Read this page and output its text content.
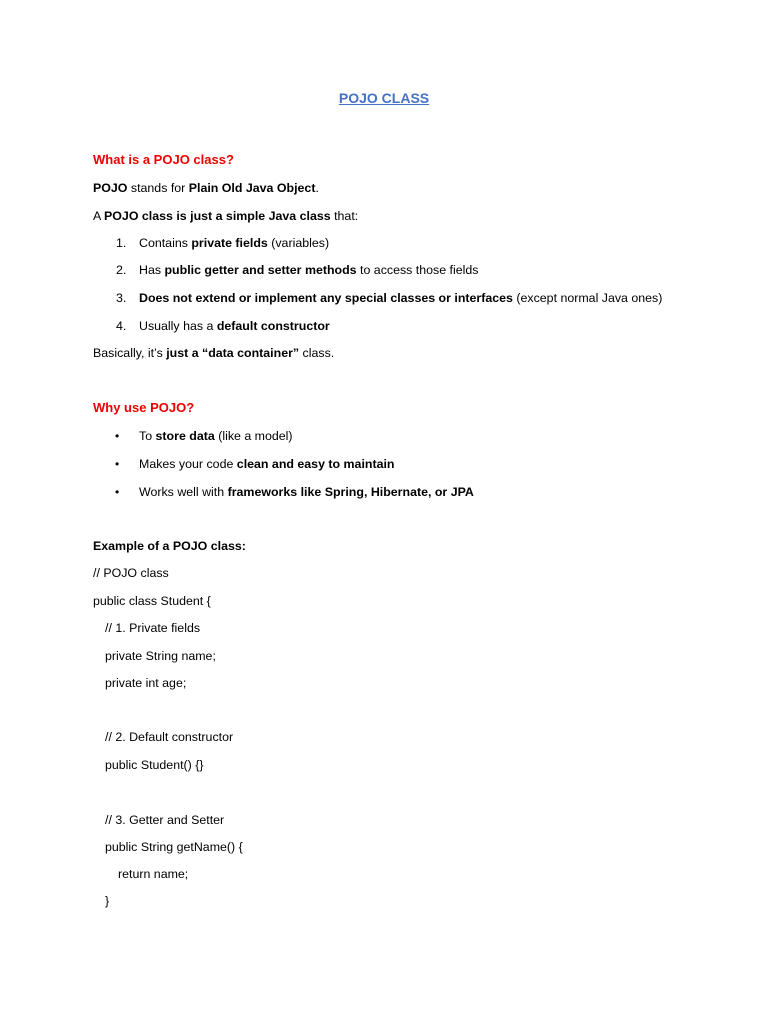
POJO CLASS
What is a POJO class?
POJO stands for Plain Old Java Object.
A POJO class is just a simple Java class that:
1. Contains private fields (variables)
2. Has public getter and setter methods to access those fields
3. Does not extend or implement any special classes or interfaces (except normal Java ones)
4. Usually has a default constructor
Basically, it’s just a “data container” class.
Why use POJO?
• To store data (like a model)
• Makes your code clean and easy to maintain
• Works well with frameworks like Spring, Hibernate, or JPA
Example of a POJO class:
// POJO class
public class Student {
// 1. Private fields
private String name;
private int age;
// 2. Default constructor
public Student() {}
// 3. Getter and Setter
public String getName() {
return name;
}
